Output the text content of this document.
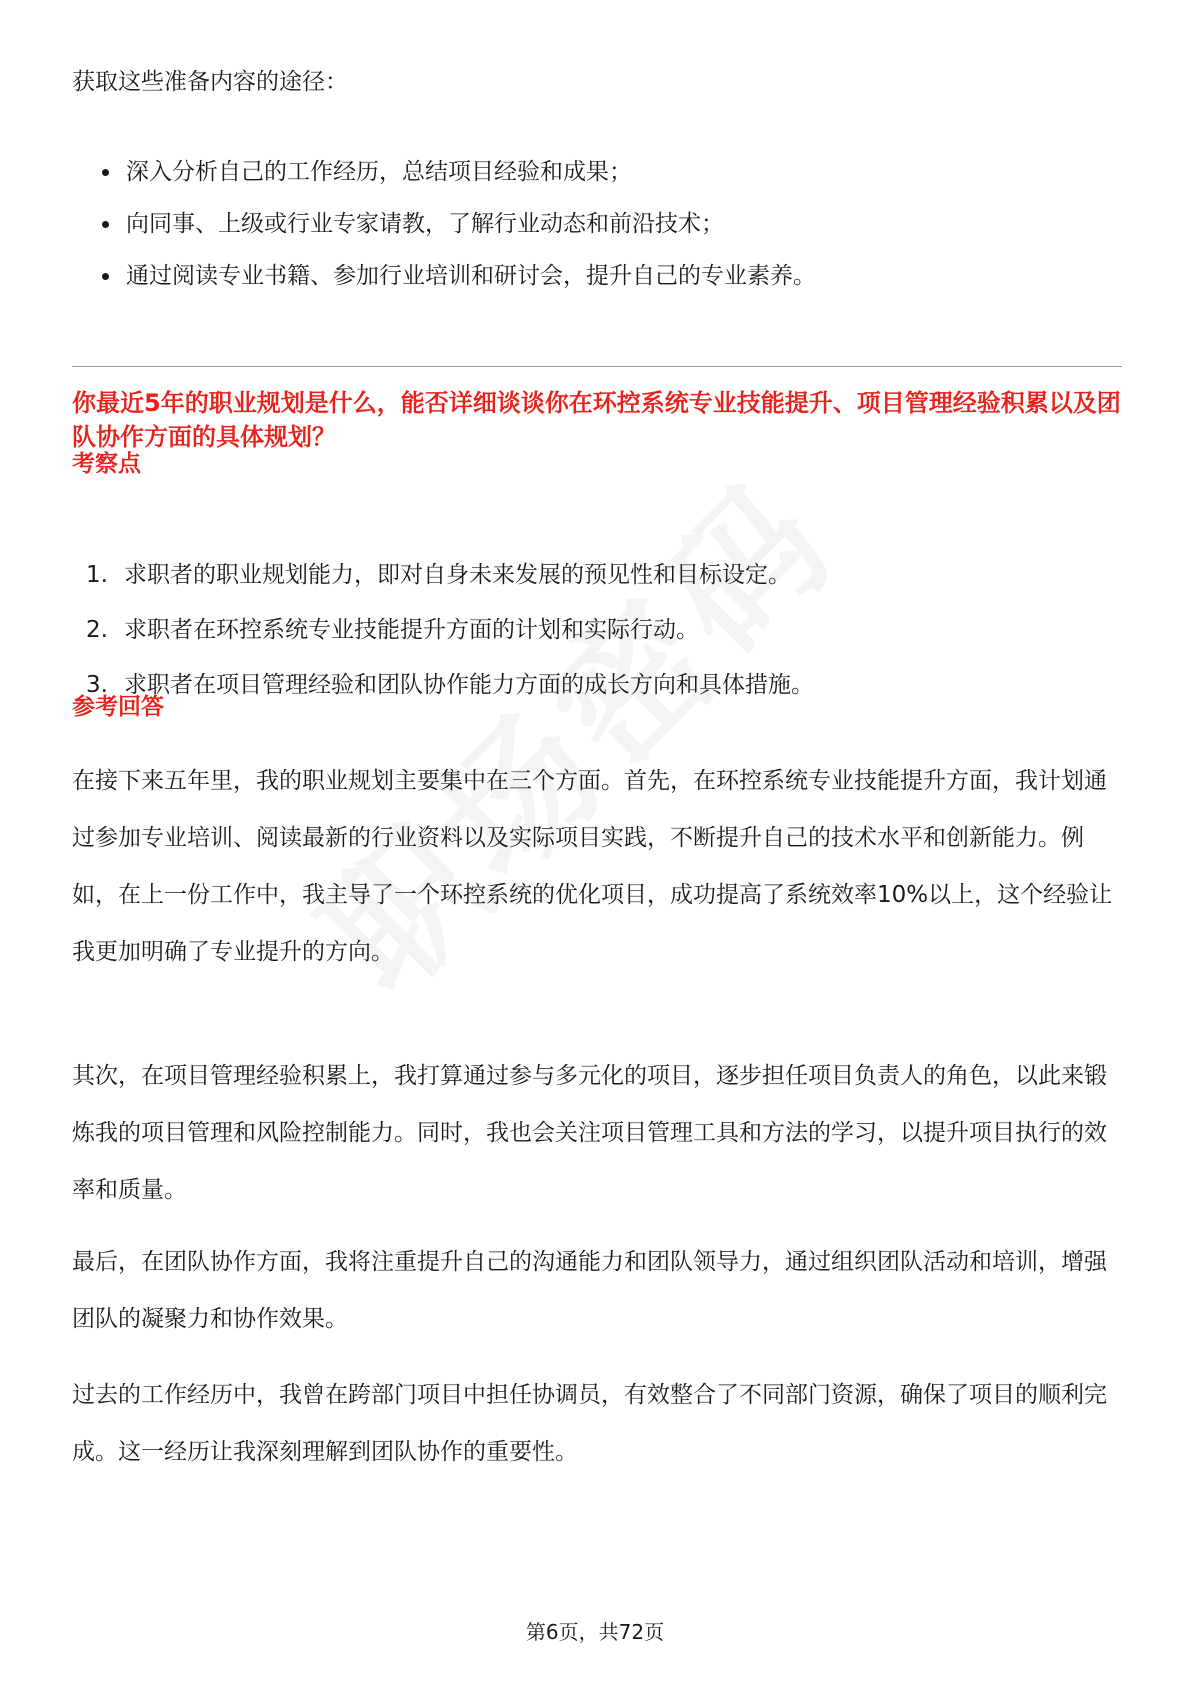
获取这些准备内容的途径：

深入分析自己的工作经历，总结项目经验和成果；
向同事、上级或行业专家请教，了解行业动态和前沿技术；
通过阅读专业书籍、参加行业培训和研讨会，提升自己的专业素养。

你最近5年的职业规划是什么，能否详细谈谈你在环控系统专业技能提升、项目管理经验积累以及团队协作方面的具体规划？

考察点

1. 求职者的职业规划能力，即对自身未来发展的预见性和目标设定。
2. 求职者在环控系统专业技能提升方面的计划和实际行动。
3. 求职者在项目管理经验和团队协作能力方面的成长方向和具体措施。

参考回答

在接下来五年里，我的职业规划主要集中在三个方面。首先，在环控系统专业技能提升方面，我计划通过参加专业培训、阅读最新的行业资料以及实际项目实践，不断提升自己的技术水平和创新能力。例如，在上一份工作中，我主导了一个环控系统的优化项目，成功提高了系统效率10%以上，这个经验让我更加明确了专业提升的方向。

其次，在项目管理经验积累上，我打算通过参与多元化的项目，逐步担任项目负责人的角色，以此来锻炼我的项目管理和风险控制能力。同时，我也会关注项目管理工具和方法的学习，以提升项目执行的效率和质量。

最后，在团队协作方面，我将注重提升自己的沟通能力和团队领导力，通过组织团队活动和培训，增强团队的凝聚力和协作效果。

过去的工作经历中，我曾在跨部门项目中担任协调员，有效整合了不同部门资源，确保了项目的顺利完成。这一经历让我深刻理解到团队协作的重要性。

第6页，共72页
